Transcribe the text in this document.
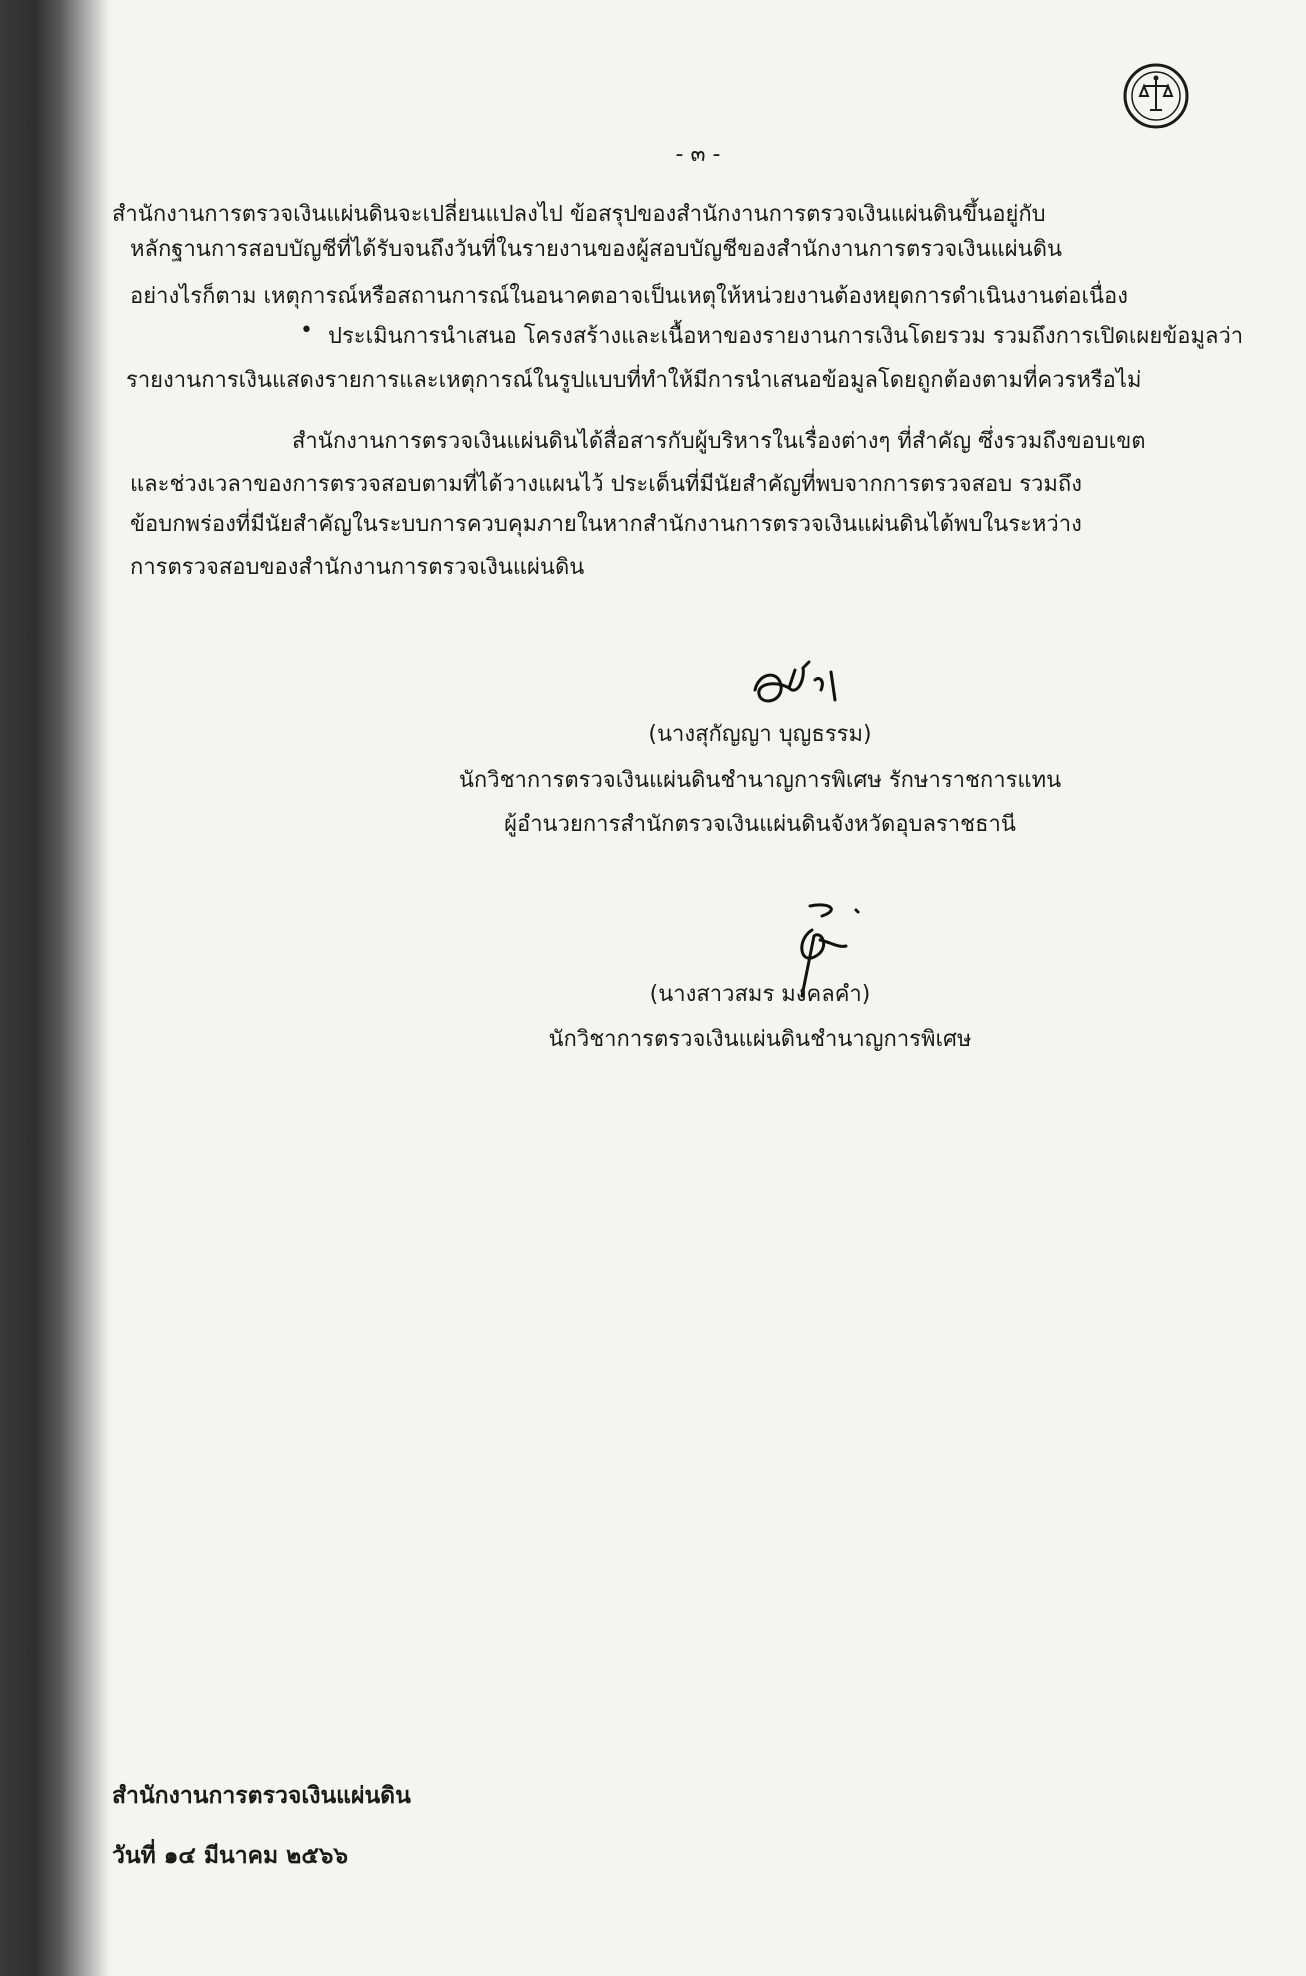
- ๓ -
สำนักงานการตรวจเงินแผ่นดินจะเปลี่ยนแปลงไป ข้อสรุปของสำนักงานการตรวจเงินแผ่นดินขึ้นอยู่กับ
หลักฐานการสอบบัญชีที่ได้รับจนถึงวันที่ในรายงานของผู้สอบบัญชีของสำนักงานการตรวจเงินแผ่นดิน
อย่างไรก็ตาม เหตุการณ์หรือสถานการณ์ในอนาคตอาจเป็นเหตุให้หน่วยงานต้องหยุดการดำเนินงานต่อเนื่อง
• ประเมินการนำเสนอ โครงสร้างและเนื้อหาของรายงานการเงินโดยรวม รวมถึงการเปิดเผยข้อมูลว่า
รายงานการเงินแสดงรายการและเหตุการณ์ในรูปแบบที่ทำให้มีการนำเสนอข้อมูลโดยถูกต้องตามที่ควรหรือไม่
สำนักงานการตรวจเงินแผ่นดินได้สื่อสารกับผู้บริหารในเรื่องต่างๆ ที่สำคัญ ซึ่งรวมถึงขอบเขต
และช่วงเวลาของการตรวจสอบตามที่ได้วางแผนไว้ ประเด็นที่มีนัยสำคัญที่พบจากการตรวจสอบ รวมถึง
ข้อบกพร่องที่มีนัยสำคัญในระบบการควบคุมภายในหากสำนักงานการตรวจเงินแผ่นดินได้พบในระหว่าง
การตรวจสอบของสำนักงานการตรวจเงินแผ่นดิน
(นางสุกัญญา บุญธรรม)
นักวิชาการตรวจเงินแผ่นดินชำนาญการพิเศษ รักษาราชการแทน
ผู้อำนวยการสำนักตรวจเงินแผ่นดินจังหวัดอุบลราชธานี
(นางสาวสมร มงคลคำ)
นักวิชาการตรวจเงินแผ่นดินชำนาญการพิเศษ
สำนักงานการตรวจเงินแผ่นดิน
วันที่ ๑๔ มีนาคม ๒๕๖๖
